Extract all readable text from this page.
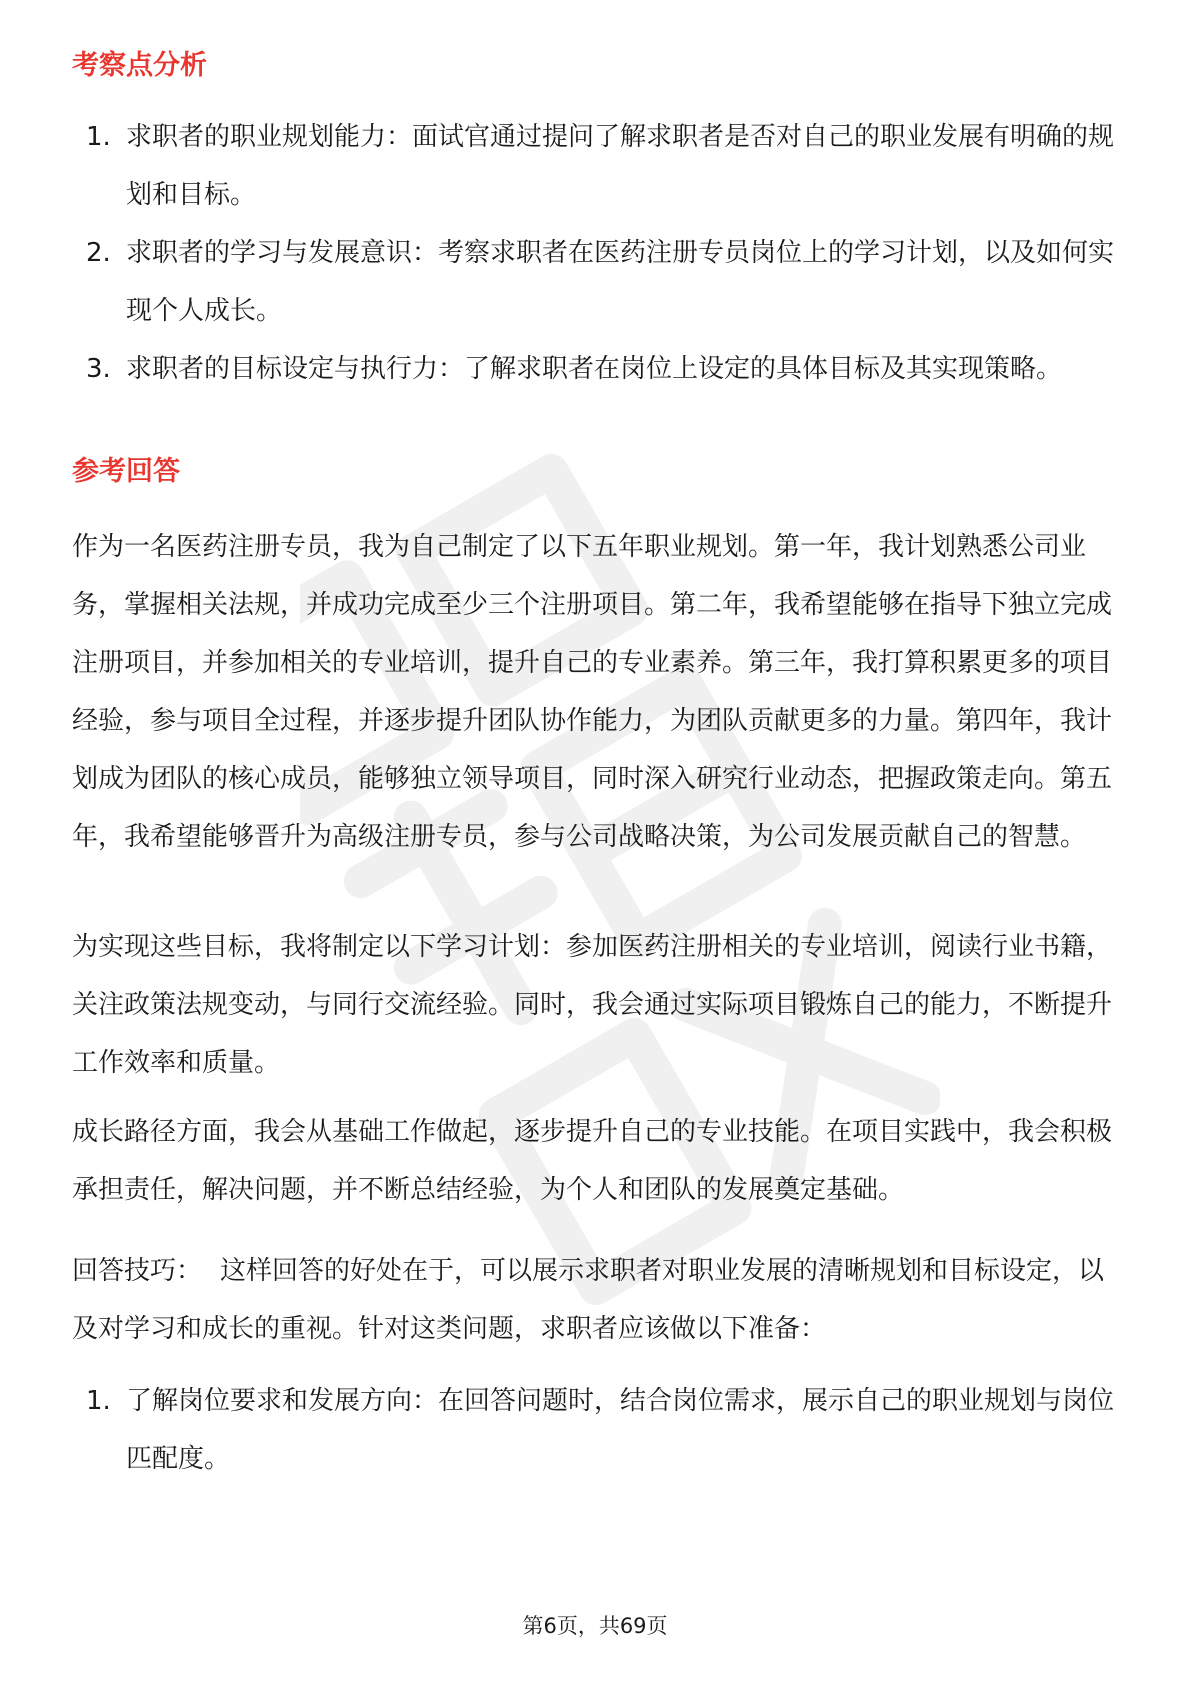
考察点分析
1. 求职者的职业规划能力：面试官通过提问了解求职者是否对自己的职业发展有明确的规划和目标。
2. 求职者的学习与发展意识：考察求职者在医药注册专员岗位上的学习计划，以及如何实现个人成长。
3. 求职者的目标设定与执行力：了解求职者在岗位上设定的具体目标及其实现策略。
参考回答

作为一名医药注册专员，我为自己制定了以下五年职业规划。第一年，我计划熟悉公司业务，掌握相关法规，并成功完成至少三个注册项目。第二年，我希望能够在指导下独立完成注册项目，并参加相关的专业培训，提升自己的专业素养。第三年，我打算积累更多的项目经验，参与项目全过程，并逐步提升团队协作能力，为团队贡献更多的力量。第四年，我计划成为团队的核心成员，能够独立领导项目，同时深入研究行业动态，把握政策走向。第五年，我希望能够晋升为高级注册专员，参与公司战略决策，为公司发展贡献自己的智慧。

为实现这些目标，我将制定以下学习计划：参加医药注册相关的专业培训，阅读行业书籍，关注政策法规变动，与同行交流经验。同时，我会通过实际项目锻炼自己的能力，不断提升工作效率和质量。

成长路径方面，我会从基础工作做起，逐步提升自己的专业技能。在项目实践中，我会积极承担责任，解决问题，并不断总结经验，为个人和团队的发展奠定基础。

回答技巧： 这样回答的好处在于，可以展示求职者对职业发展的清晰规划和目标设定，以及对学习和成长的重视。针对这类问题，求职者应该做以下准备：

1. 了解岗位要求和发展方向：在回答问题时，结合岗位需求，展示自己的职业规划与岗位匹配度。
第6页，共69页
